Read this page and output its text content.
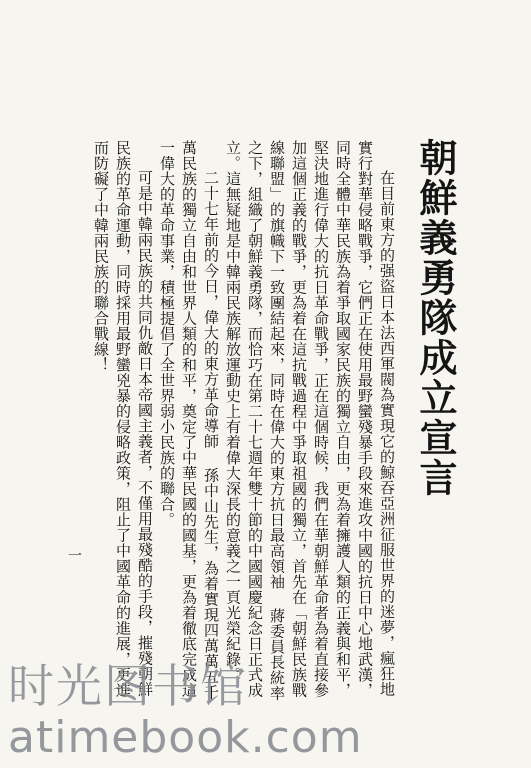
朝鮮義勇隊成立宣言

在目前東方的强盜日本法西軍閥為實現它的鯨吞亞洲征服世界的迷夢，瘋狂地實行對華侵略戰爭，它們正在使用最野蠻殘暴手段來進攻中國的抗日中心地武漢，同時全體中華民族為着爭取國家民族的獨立自由，更為着擁護人類的正義與和平，堅決地進行偉大的抗日革命戰爭，正在這個時候，我們在華朝鮮革命者為着直接參加這個正義的戰爭，更為着在這抗戰過程中爭取祖國的獨立，首先在「朝鮮民族戰線聯盟」的旗幟下一致團結起來，同時在偉大的東方抗日最高領袖 蔣委員長統率之下，組織了朝鮮義勇隊，而恰巧在第二十七週年雙十節的中國國慶紀念日正式成立。這無疑地是中韓兩民族解放運動史上有着偉大深長的意義之一頁光榮紀錄。

二十七年前的今日，偉大的東方革命導師 孫中山先生，為着實現四萬萬五千萬民族的獨立自由和世界人類的和平，奠定了中華民國的國基，更為着徹底完成這一偉大的革命事業，積極提倡了全世界弱小民族的聯合。

可是中韓兩民族的共同仇敵日本帝國主義者，不僅用最殘酷的手段，摧殘朝鮮民族的革命運動，同時採用最野蠻兇暴的侵略政策，阻止了中國革命的進展，更進而防礙了中韓兩民族的聯合戰線！

一
时光图书馆
atimebook.com
